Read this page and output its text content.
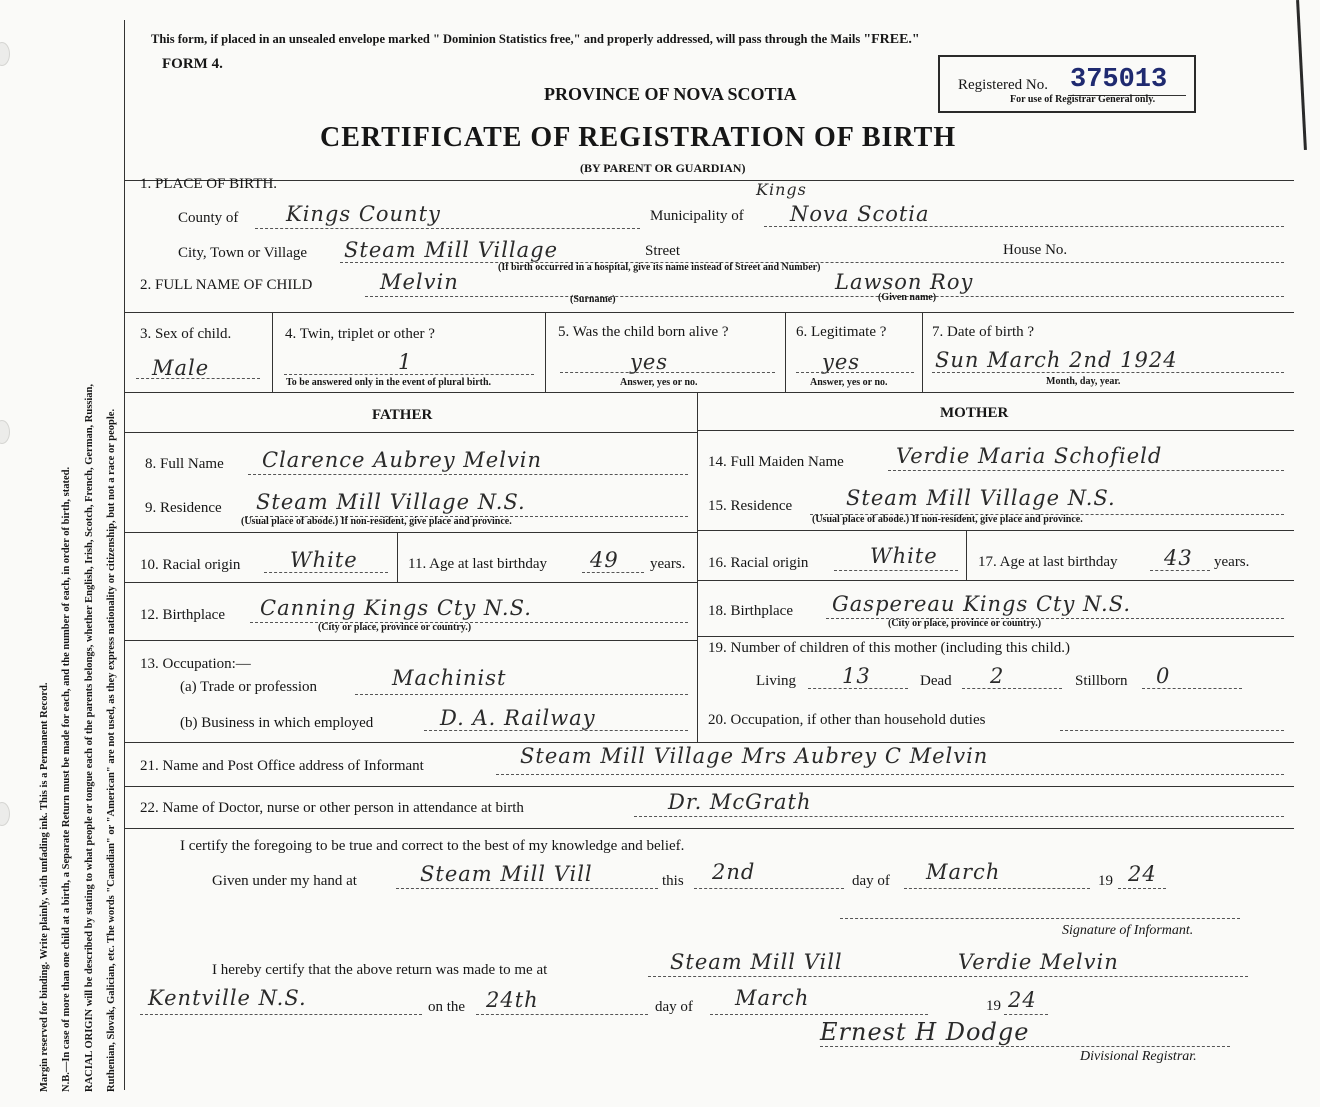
Margin reserved for binding. Write plainly, with unfading ink. This is a Permanent Record. N.B.—In case of more than one child at a birth, a Separate Return must be made for each, and the number of each, in order of birth, stated. RACIAL ORIGIN will be described by stating to what people or tongue each of the parents belongs, whether English, Irish, Scotch, French, German, Russian, Ruthenian, Slovak, Galician, etc. The words "Canadian" or "American" are not used, as they express nationality or citizenship, but not a race or people.
This form, if placed in an unsealed envelope marked " Dominion Statistics free," and properly addressed, will pass through the Mails "FREE."
FORM 4.
PROVINCE OF NOVA SCOTIA
CERTIFICATE OF REGISTRATION OF BIRTH
(BY PARENT OR GUARDIAN)
Registered No. 375013
For use of Registrar General only.
1. PLACE OF BIRTH.
County of Kings County	Municipality of
Kings
Nova Scotia
City, Town or Village Steam Mill Village	Street	House No.
(If birth occurred in a hospital, give its name instead of Street and Number)
2. FULL NAME OF CHILD	Melvin	Lawson Roy
(Surname)	(Given name)
3. Sex of child.
Male
4. Twin, triplet or other ?
1
To be answered only in the event of plural birth.
5. Was the child born alive ?
yes
Answer, yes or no.
6. Legitimate ?
yes
Answer, yes or no.
7. Date of birth ?
Sun March 2nd 1924
Month, day, year.
FATHER
8. Full Name Clarence Aubrey Melvin
9. Residence Steam Mill Village N.S.
(Usual place of abode.) If non-resident, give place and province.
10. Racial origin White	11. Age at last birthday 49 years.
12. Birthplace Canning Kings Cty N.S.
(City or place, province or country.)
13. Occupation:—
(a) Trade or profession	Machinist
(b) Business in which employed	D. A. Railway
MOTHER
14. Full Maiden Name Verdie Maria Schofield
15. Residence	Steam Mill Village N.S.
(Usual place of abode.) If non-resident, give place and province.
16. Racial origin	White	17. Age at last birthday 43 years.
18. Birthplace Gaspereau Kings Cty N.S.
(City or place, province or country.)
19. Number of children of this mother (including this child.)
Living 13	Dead 2	Stillborn 0
20. Occupation, if other than household duties
21. Name and Post Office address of Informant	Steam Mill Village Mrs Aubrey C Melvin
22. Name of Doctor, nurse or other person in attendance at birth	Dr. McGrath
I certify the foregoing to be true and correct to the best of my knowledge and belief.
Given under my hand at	Steam Mill Vill	this 2nd	day of March	19 24
Signature of Informant.
I hereby certify that the above return was made to me at	Steam Mill Vill	Verdie Melvin
Kentville N.S.	on the 24th	day of March	19 24
Ernest H Dodge
Divisional Registrar.
